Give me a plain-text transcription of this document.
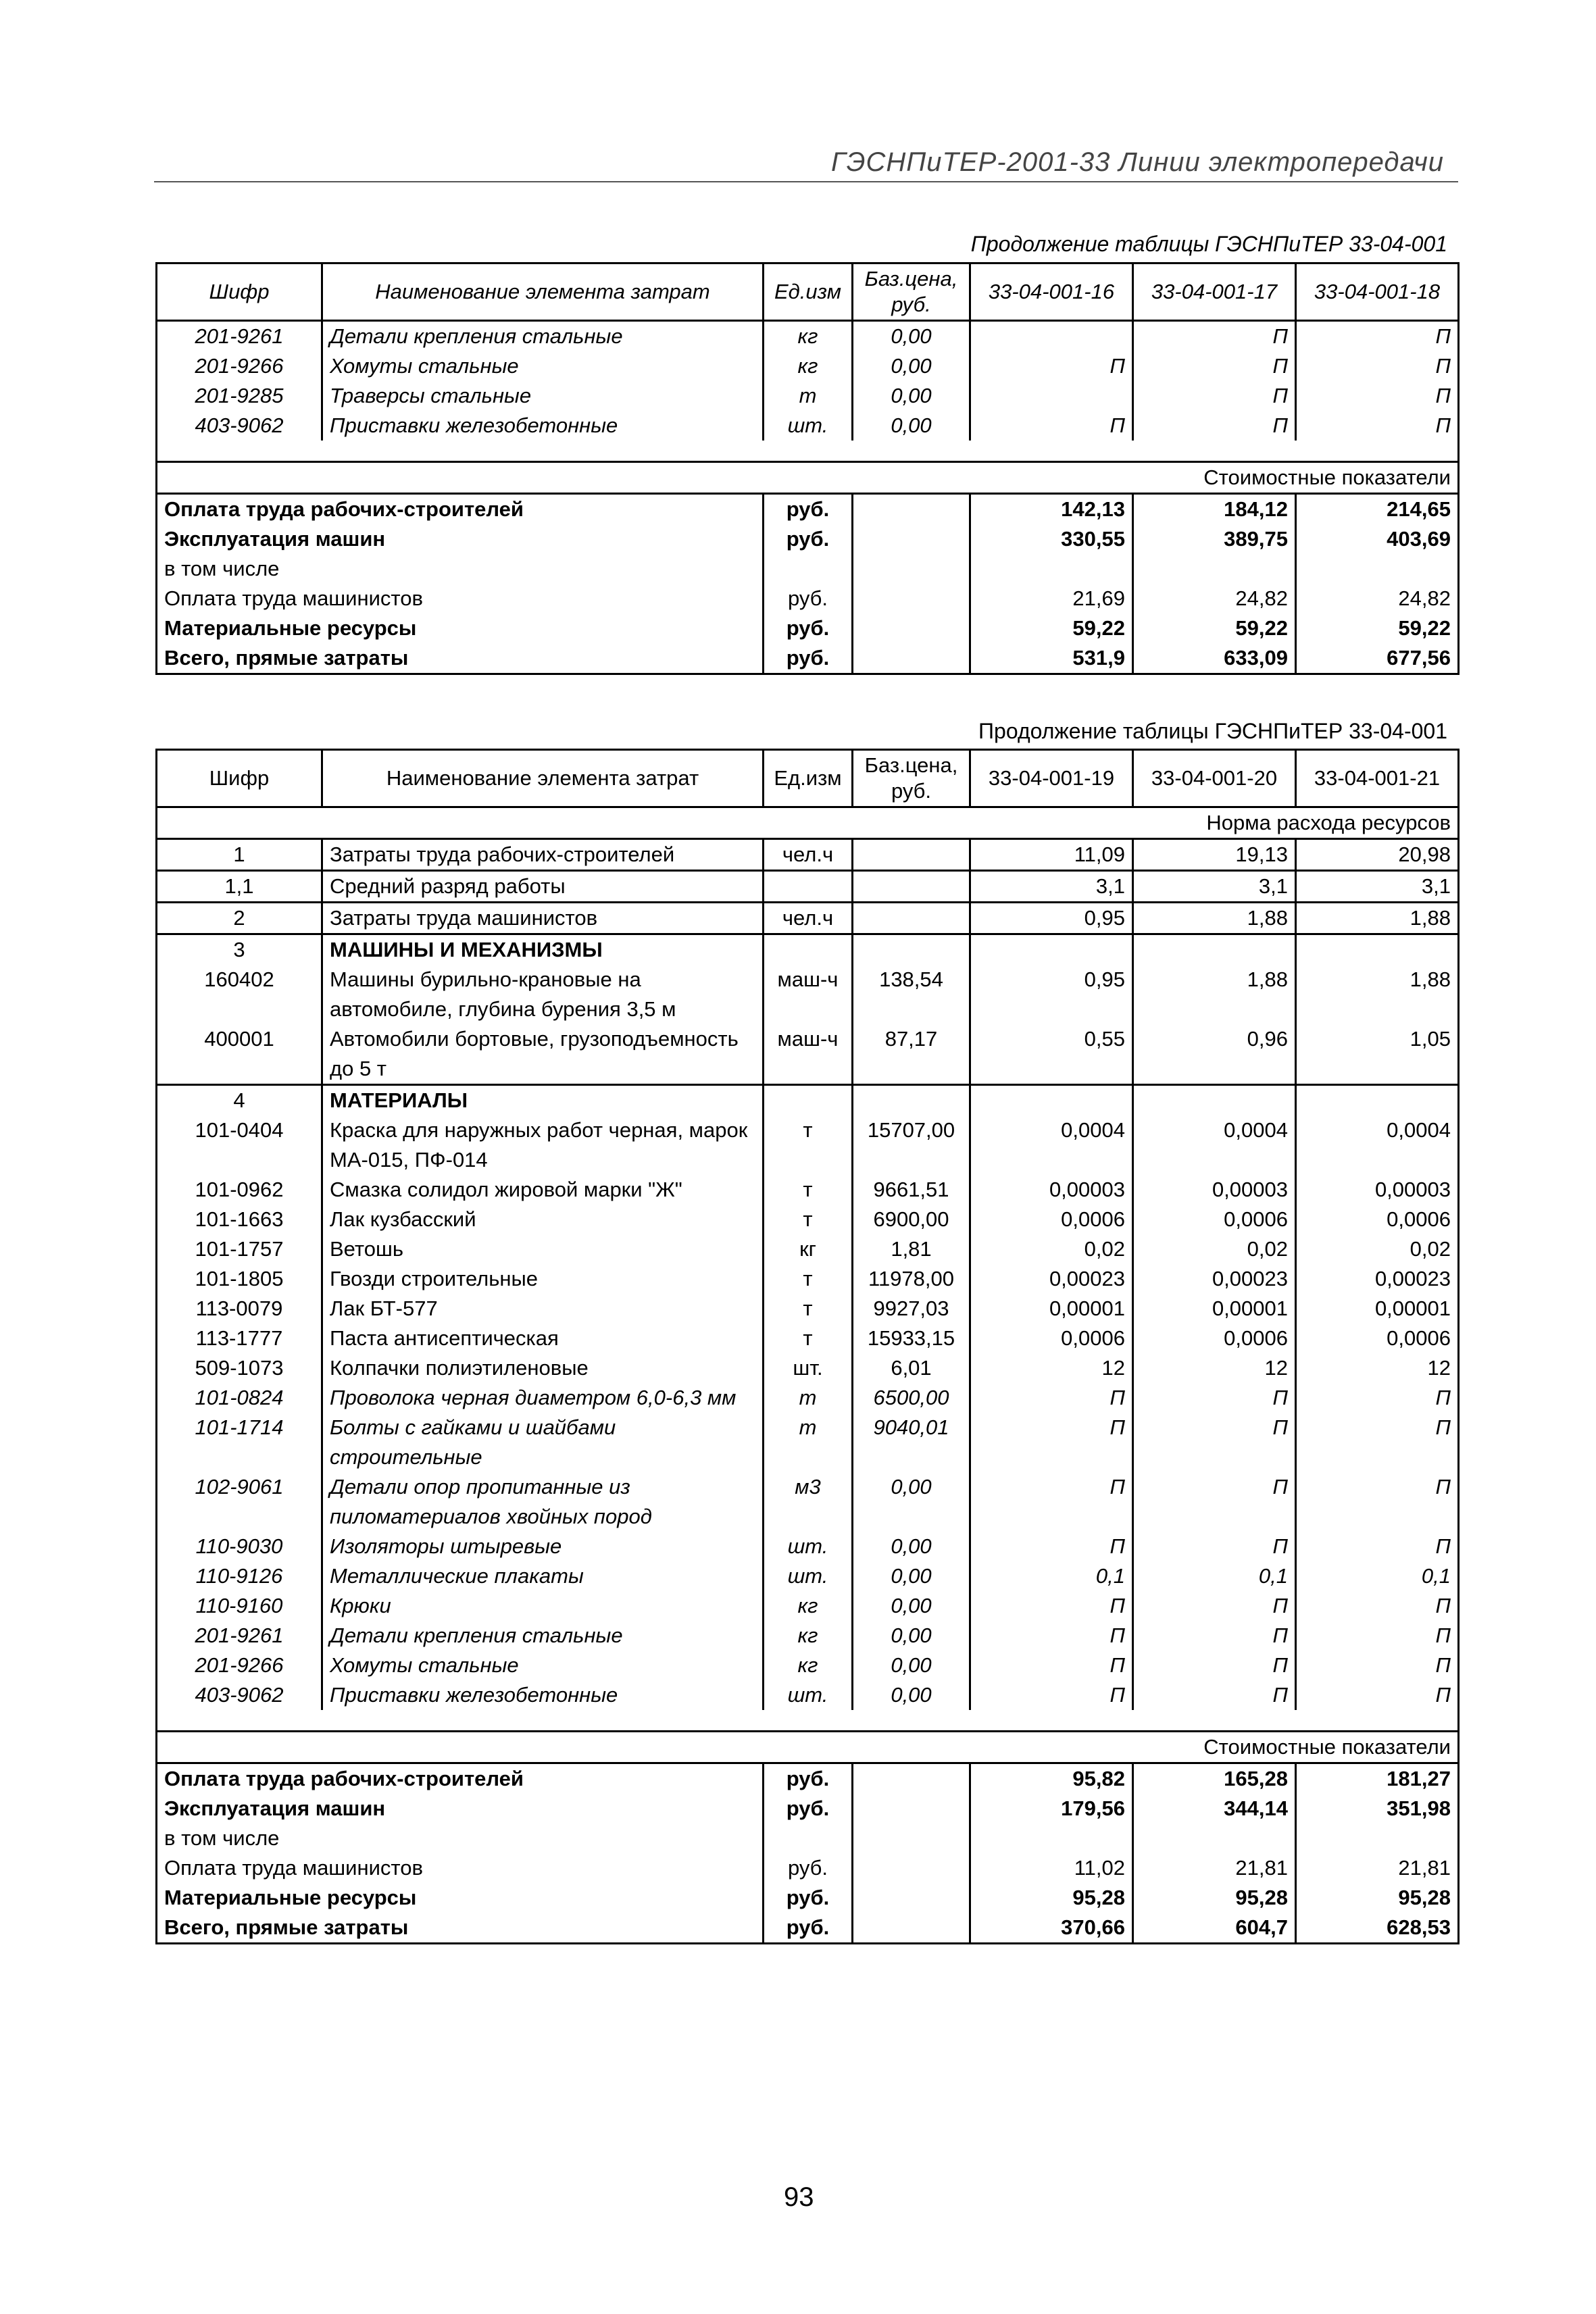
ГЭСНПиТЕР-2001-33 Линии электропередачи
Продолжение таблицы ГЭСНПиТЕР 33-04-001
Шифр	Наименование элемента затрат	Ед.изм	Баз.цена, руб.	33-04-001-16	33-04-001-17	33-04-001-18
201-9261	Детали крепления стальные	кг	0,00		П	П
201-9266	Хомуты стальные	кг	0,00	П	П	П
201-9285	Траверсы стальные	т	0,00		П	П
403-9062	Приставки железобетонные	шт.	0,00	П	П	П

Стоимостные показатели						
Оплата труда рабочих-строителей		руб.		142,13	184,12	214,65
Эксплуатация машин		руб.		330,55	389,75	403,69
в том числе						
Оплата труда машинистов		руб.		21,69	24,82	24,82
Материальные ресурсы		руб.		59,22	59,22	59,22
Всего, прямые затраты		руб.		531,9	633,09	677,56
Продолжение таблицы ГЭСНПиТЕР 33-04-001
Шифр	Наименование элемента затрат	Ед.изм	Баз.цена, руб.	33-04-001-19	33-04-001-20	33-04-001-21
Норма расхода ресурсов						
1	Затраты труда рабочих-строителей	чел.ч		11,09	19,13	20,98
1,1	Средний разряд работы			3,1	3,1	3,1
2	Затраты труда машинистов	чел.ч		0,95	1,88	1,88
3	МАШИНЫ И МЕХАНИЗМЫ					
160402	Машины бурильно-крановые на автомобиле, глубина бурения 3,5 м	маш-ч	138,54	0,95	1,88	1,88
400001	Автомобили бортовые, грузоподъемность до 5 т	маш-ч	87,17	0,55	0,96	1,05
4	МАТЕРИАЛЫ					
101-0404	Краска для наружных работ черная, марок МА-015, ПФ-014	т	15707,00	0,0004	0,0004	0,0004
101-0962	Смазка солидол жировой марки "Ж"	т	9661,51	0,00003	0,00003	0,00003
101-1663	Лак кузбасский	т	6900,00	0,0006	0,0006	0,0006
101-1757	Ветошь	кг	1,81	0,02	0,02	0,02
101-1805	Гвозди строительные	т	11978,00	0,00023	0,00023	0,00023
113-0079	Лак БТ-577	т	9927,03	0,00001	0,00001	0,00001
113-1777	Паста антисептическая	т	15933,15	0,0006	0,0006	0,0006
509-1073	Колпачки полиэтиленовые	шт.	6,01	12	12	12
101-0824	Проволока черная диаметром 6,0-6,3 мм	т	6500,00	П	П	П
101-1714	Болты с гайками и шайбами строительные	т	9040,01	П	П	П
102-9061	Детали опор пропитанные из пиломатериалов хвойных пород	м3	0,00	П	П	П
110-9030	Изоляторы штыревые	шт.	0,00	П	П	П
110-9126	Металлические плакаты	шт.	0,00	0,1	0,1	0,1
110-9160	Крюки	кг	0,00	П	П	П
201-9261	Детали крепления стальные	кг	0,00	П	П	П
201-9266	Хомуты стальные	кг	0,00	П	П	П
403-9062	Приставки железобетонные	шт.	0,00	П	П	П

Стоимостные показатели						
Оплата труда рабочих-строителей		руб.		95,82	165,28	181,27
Эксплуатация машин		руб.		179,56	344,14	351,98
в том числе						
Оплата труда машинистов		руб.		11,02	21,81	21,81
Материальные ресурсы		руб.		95,28	95,28	95,28
Всего, прямые затраты		руб.		370,66	604,7	628,53
93
